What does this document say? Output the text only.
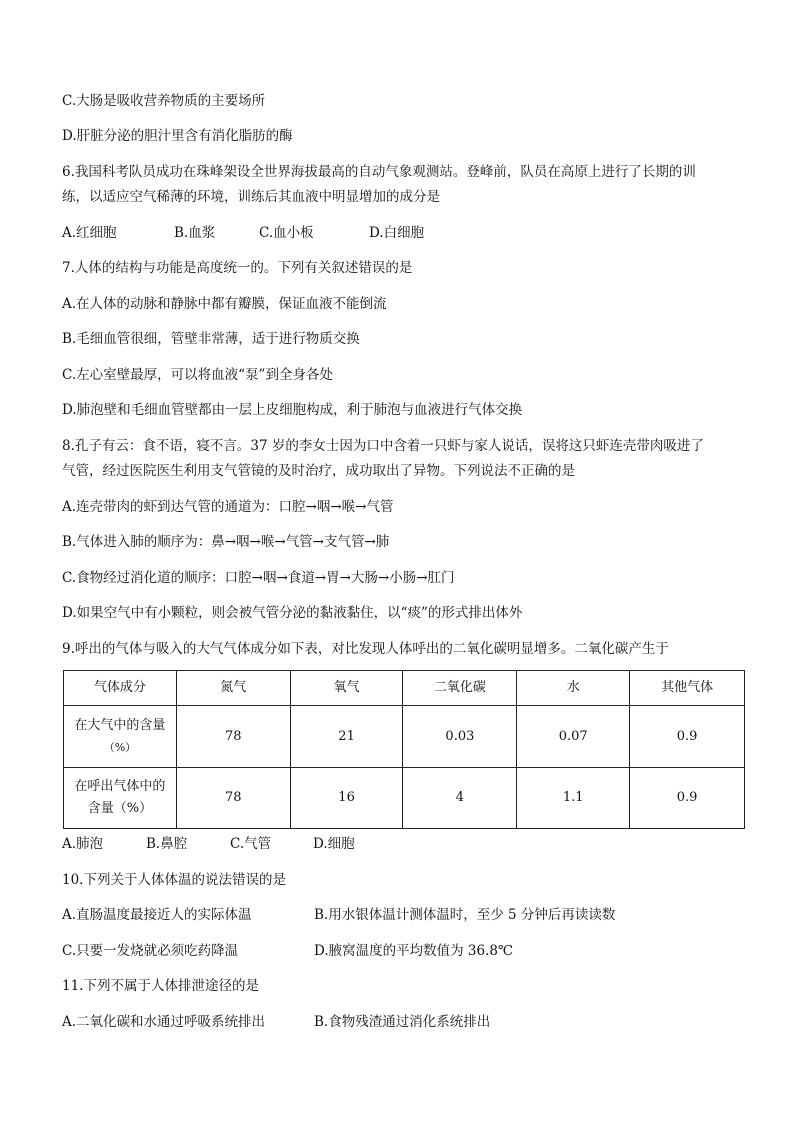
C.大肠是吸收营养物质的主要场所
D.肝脏分泌的胆汁里含有消化脂肪的酶
6.我国科考队员成功在珠峰架设全世界海拔最高的自动气象观测站。登峰前，队员在高原上进行了长期的训
练，以适应空气稀薄的环境，训练后其血液中明显增加的成分是
A.红细胞	B.血浆	C.血小板	D.白细胞
7.人体的结构与功能是高度统一的。下列有关叙述错误的是
A.在人体的动脉和静脉中都有瓣膜，保证血液不能倒流
B.毛细血管很细，管壁非常薄，适于进行物质交换
C.左心室壁最厚，可以将血液“泵”到全身各处
D.肺泡壁和毛细血管壁都由一层上皮细胞构成，利于肺泡与血液进行气体交换
8.孔子有云：食不语，寝不言。37 岁的李女士因为口中含着一只虾与家人说话，误将这只虾连壳带肉吸进了
气管，经过医院医生利用支气管镜的及时治疗，成功取出了异物。下列说法不正确的是
A.连壳带肉的虾到达气管的通道为：口腔→咽→喉→气管
B.气体进入肺的顺序为：鼻→咽→喉→气管→支气管→肺
C.食物经过消化道的顺序：口腔→咽→食道→胃→大肠→小肠→肛门
D.如果空气中有小颗粒，则会被气管分泌的黏液黏住，以“痰”的形式排出体外
9.呼出的气体与吸入的大气气体成分如下表，对比发现人体呼出的二氧化碳明显增多。二氧化碳产生于
气体成分	氮气	氧气	二氧化碳	水	其他气体

在大气中的含量
（%）	78	21	0.03	0.07	0.9

在呼出气体中的
含量（%）	78	16	4	1.1	0.9
A.肺泡	B.鼻腔	C.气管	D.细胞
10.下列关于人体体温的说法错误的是
A.直肠温度最接近人的实际体温	B.用水银体温计测体温时，至少 5 分钟后再读读数
C.只要一发烧就必须吃药降温	D.腋窝温度的平均数值为 36.8℃
11.下列不属于人体排泄途径的是
A.二氧化碳和水通过呼吸系统排出	B.食物残渣通过消化系统排出
